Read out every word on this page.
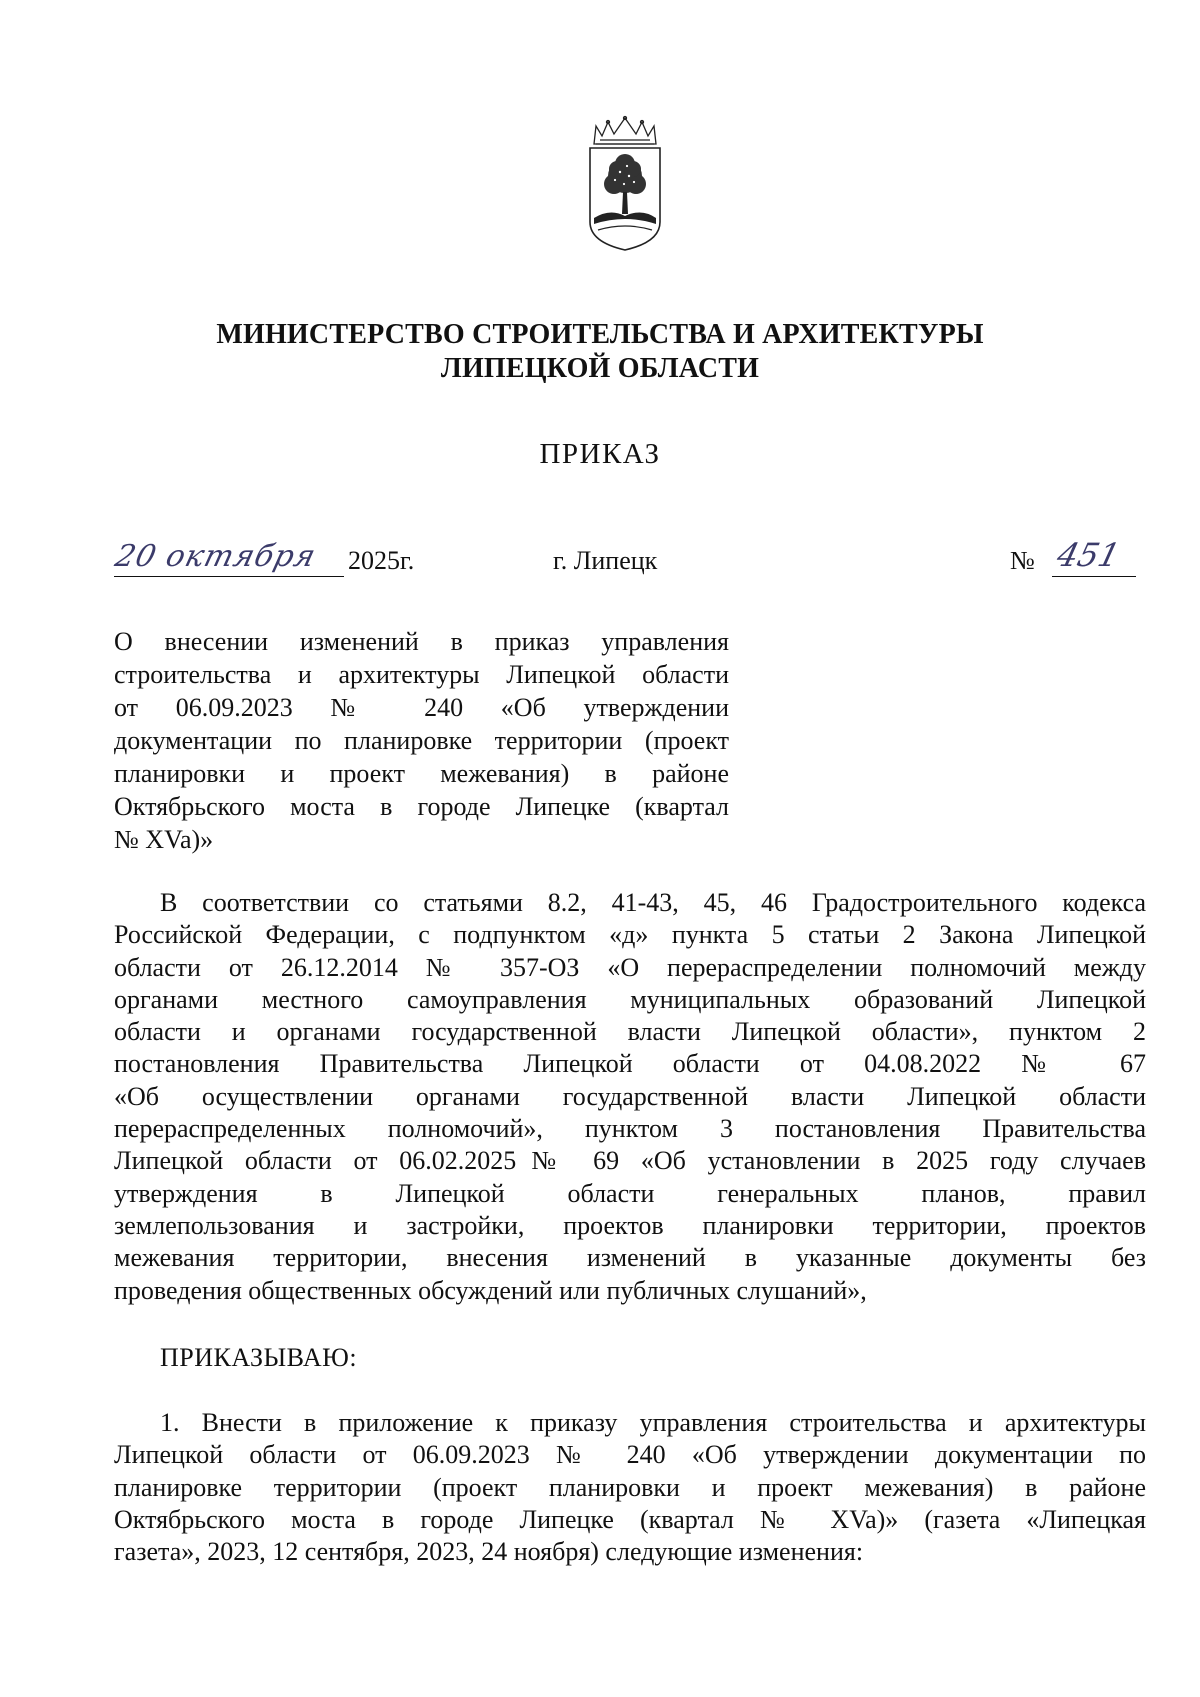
МИНИСТЕРСТВО СТРОИТЕЛЬСТВА И АРХИТЕКТУРЫ
ЛИПЕЦКОЙ ОБЛАСТИ
ПРИКАЗ
20 октября 2025г.	г. Липецк	№ 451
О внесении изменений в приказ управления
строительства и архитектуры Липецкой области
от 06.09.2023 № 240 «Об утверждении
документации по планировке территории (проект
планировки и проект межевания) в районе
Октябрьского моста в городе Липецке (квартал
№ XVa)»
В соответствии со статьями 8.2, 41-43, 45, 46 Градостроительного кодекса
Российской Федерации, с подпунктом «д» пункта 5 статьи 2 Закона Липецкой
области от 26.12.2014 № 357-ОЗ «О перераспределении полномочий между
органами местного самоуправления муниципальных образований Липецкой
области и органами государственной власти Липецкой области», пунктом 2
постановления Правительства Липецкой области от 04.08.2022 № 67
«Об осуществлении органами государственной власти Липецкой области
перераспределенных полномочий», пунктом 3 постановления Правительства
Липецкой области от 06.02.2025№ 69 «Об установлении в 2025 году случаев
утверждения в Липецкой области генеральных планов, правил
землепользования и застройки, проектов планировки территории, проектов
межевания территории, внесения изменений в указанные документы без
проведения общественных обсуждений или публичных слушаний»,
ПРИКАЗЫВАЮ:
1. Внести в приложение к приказу управления строительства и архитектуры
Липецкой области от 06.09.2023 № 240 «Об утверждении документации по
планировке территории (проект планировки и проект межевания) в районе
Октябрьского моста в городе Липецке (квартал № XVa)» (газета «Липецкая
газета», 2023, 12 сентября, 2023, 24 ноября) следующие изменения:
